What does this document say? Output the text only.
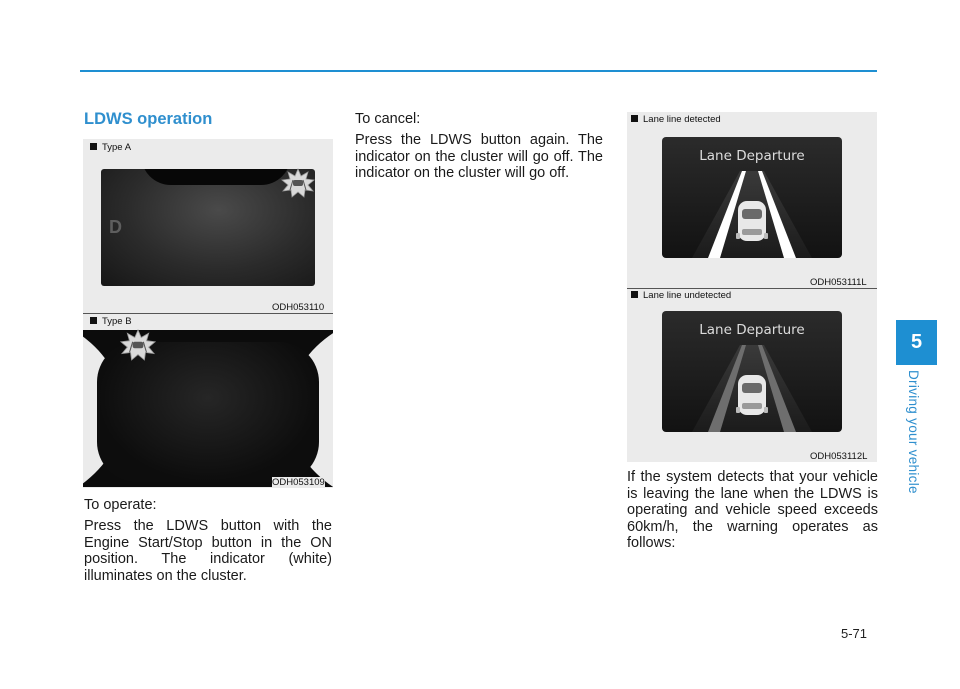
LDWS operation
Type A
D
ODH053110
Type B
ODH053109
To operate:
Press the LDWS button with the Engine Start/Stop button in the ON position. The indicator (white) illuminates on the cluster.
To cancel:
Press the LDWS button again. The indicator on the cluster will go off. The indicator on the cluster will go off.
Lane line detected
Lane Departure
ODH053111L
Lane line undetected
Lane Departure
ODH053112L
If the system detects that your vehicle is leaving the lane when the LDWS is operating and vehicle speed exceeds 60km/h, the warning operates as follows:
5
Driving your vehicle
5-71
